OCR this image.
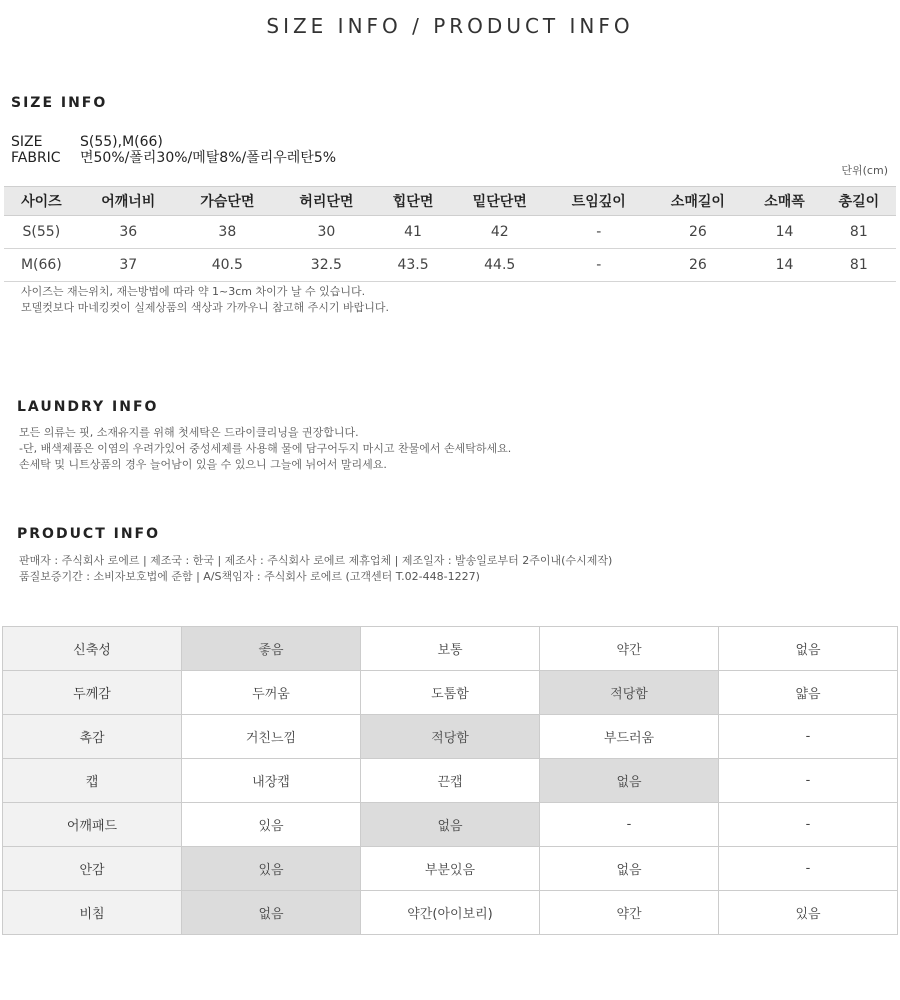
SIZE INFO / PRODUCT INFO
SIZE INFO
SIZE	S(55),M(66)
FABRIC	면50%/폴리30%/메탈8%/폴리우레탄5%
단위(cm)
사이즈	어깨너비	가슴단면	허리단면	힙단면	밑단단면	트임깊이	소매길이	소매폭	총길이
S(55)	36	38	30	41	42	-	26	14	81
M(66)	37	40.5	32.5	43.5	44.5	-	26	14	81
사이즈는 재는위치, 재는방법에 따라 약 1~3cm 차이가 날 수 있습니다.
모델컷보다 마네킹컷이 실제상품의 색상과 가까우니 참고해 주시기 바랍니다.
LAUNDRY INFO
모든 의류는 핏, 소재유지를 위해 첫세탁은 드라이클리닝을 권장합니다.
-단, 배색제품은 이염의 우려가있어 중성세제를 사용해 물에 담구어두지 마시고 찬물에서 손세탁하세요.
손세탁 및 니트상품의 경우 늘어남이 있을 수 있으니 그늘에 뉘어서 말리세요.
PRODUCT INFO
판매자 : 주식회사 로에르 | 제조국 : 한국 | 제조사 : 주식회사 로에르 제휴업체 | 제조일자 : 발송일로부터 2주이내(수시제작)
품질보증기간 : 소비자보호법에 준함 | A/S책임자 : 주식회사 로에르 (고객센터 T.02-448-1227)
신축성	좋음	보통	약간	없음
두께감	두꺼움	도톰함	적당함	얇음
촉감	거친느낌	적당함	부드러움	-
캡	내장캡	끈캡	없음	-
어깨패드	있음	없음	-	-
안감	있음	부분있음	없음	-
비침	없음	약간(아이보리)	약간	있음
